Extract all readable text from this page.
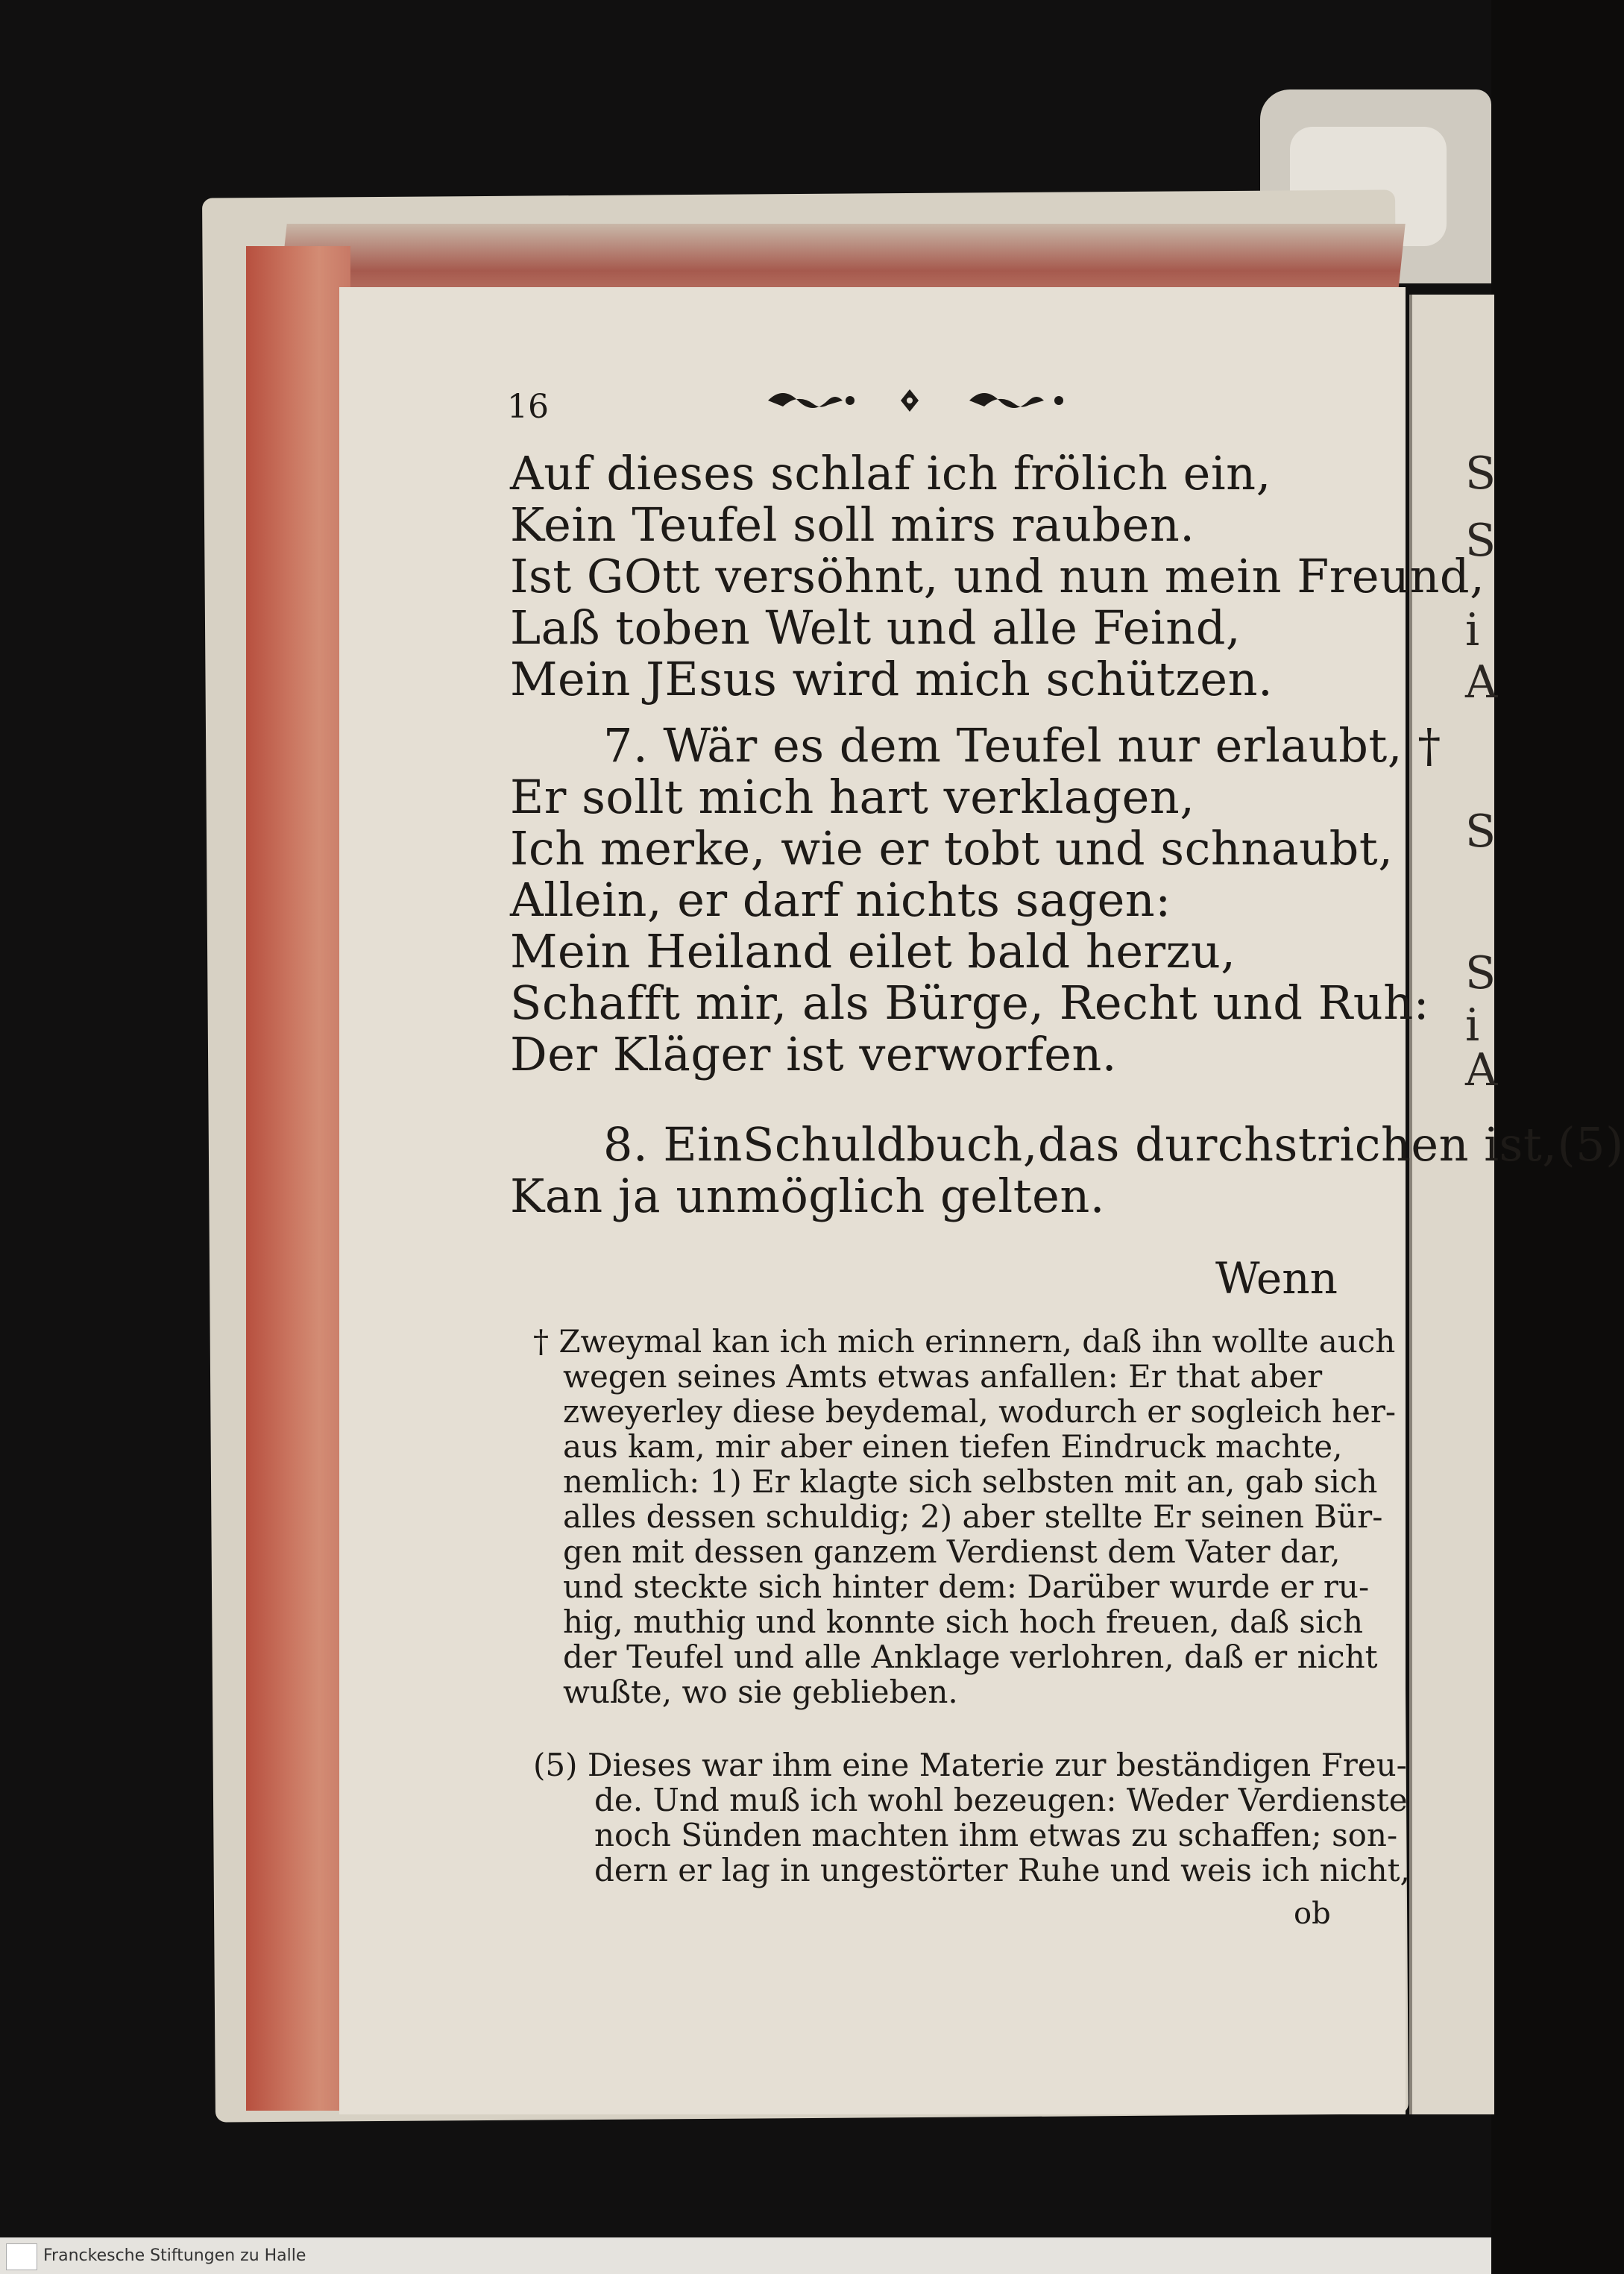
16
Auf dieses schlaf ich frölich ein,
Kein Teufel soll mirs rauben.
Ist GOtt versöhnt, und nun mein Freund,
Laß toben Welt und alle Feind,
Mein JEsus wird mich schützen.
7. Wär es dem Teufel nur erlaubt, †
Er sollt mich hart verklagen,
Ich merke, wie er tobt und schnaubt,
Allein, er darf nichts sagen:
Mein Heiland eilet bald herzu,
Schafft mir, als Bürge, Recht und Ruh:
Der Kläger ist verworfen.
8. EinSchuldbuch,das durchstrichen ist,(5)
Kan ja unmöglich gelten.
Wenn
† Zweymal kan ich mich erinnern, daß ihn wollte auch
wegen seines Amts etwas anfallen: Er that aber
zweyerley diese beydemal, wodurch er sogleich her-
aus kam, mir aber einen tiefen Eindruck machte,
nemlich: 1) Er klagte sich selbsten mit an, gab sich
alles dessen schuldig; 2) aber stellte Er seinen Bür-
gen mit dessen ganzem Verdienst dem Vater dar,
und steckte sich hinter dem: Darüber wurde er ru-
hig, muthig und konnte sich hoch freuen, daß sich
der Teufel und alle Anklage verlohren, daß er nicht
wußte, wo sie geblieben.
(5) Dieses war ihm eine Materie zur beständigen Freu-
de. Und muß ich wohl bezeugen: Weder Verdienste
noch Sünden machten ihm etwas zu schaffen; son-
dern er lag in ungestörter Ruhe und weis ich nicht,
ob
S
S
i
A
S
S
i
A
Franckesche Stiftungen zu Halle
